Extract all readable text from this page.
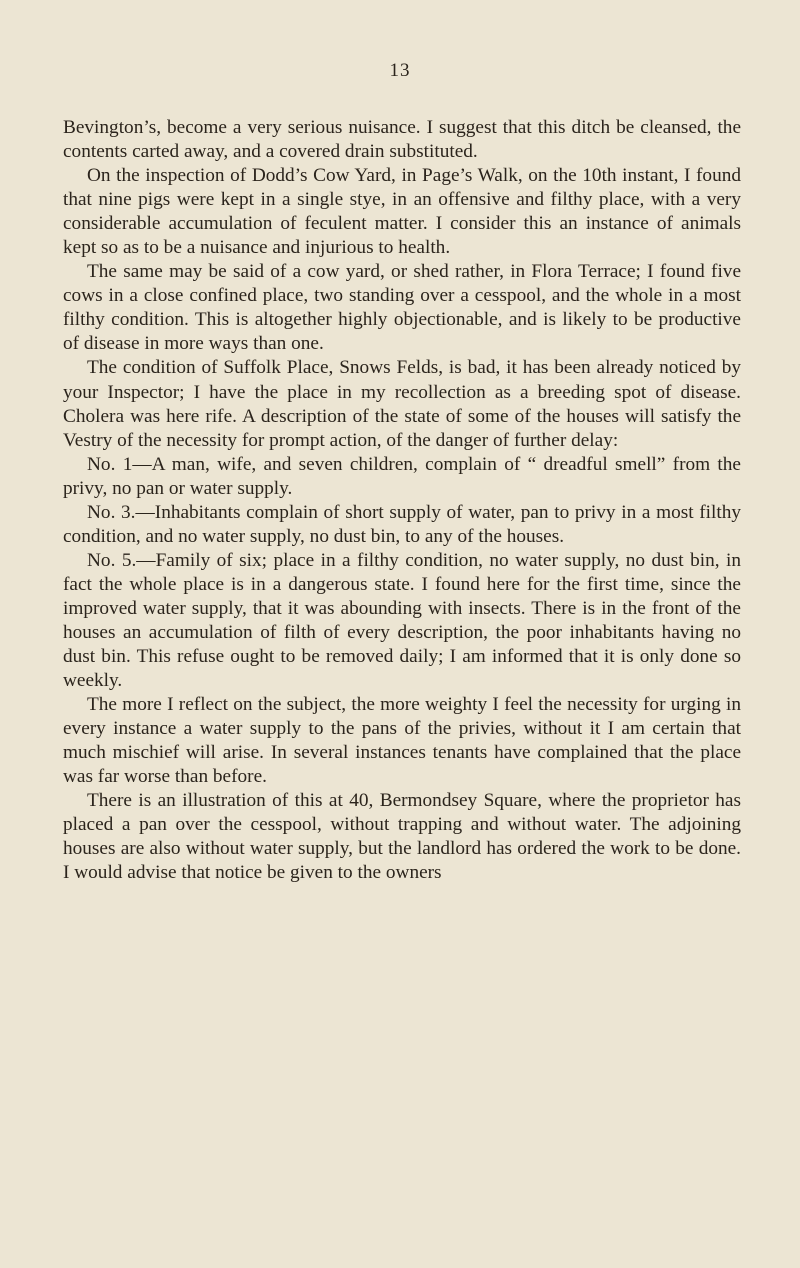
13

Bevington’s, become a very serious nuisance. I suggest that this ditch be cleansed, the contents carted away, and a covered drain substituted.

On the inspection of Dodd’s Cow Yard, in Page’s Walk, on the 10th instant, I found that nine pigs were kept in a single stye, in an offensive and filthy place, with a very considerable accumulation of feculent matter. I consider this an instance of animals kept so as to be a nuisance and injurious to health.

The same may be said of a cow yard, or shed rather, in Flora Terrace; I found five cows in a close confined place, two standing over a cesspool, and the whole in a most filthy condition. This is altogether highly objectionable, and is likely to be productive of disease in more ways than one.

The condition of Suffolk Place, Snows Felds, is bad, it has been already noticed by your Inspector; I have the place in my recollection as a breeding spot of disease. Cholera was here rife. A description of the state of some of the houses will satisfy the Vestry of the necessity for prompt action, of the danger of further delay:

No. 1—A man, wife, and seven children, complain of “ dreadful smell” from the privy, no pan or water supply.

No. 3.—Inhabitants complain of short supply of water, pan to privy in a most filthy condition, and no water supply, no dust bin, to any of the houses.

No. 5.—Family of six; place in a filthy condition, no water supply, no dust bin, in fact the whole place is in a dangerous state. I found here for the first time, since the improved water supply, that it was abounding with insects. There is in the front of the houses an accumulation of filth of every description, the poor inhabitants having no dust bin. This refuse ought to be removed daily; I am informed that it is only done so weekly.

The more I reflect on the subject, the more weighty I feel the necessity for urging in every instance a water supply to the pans of the privies, without it I am certain that much mischief will arise. In several instances tenants have complained that the place was far worse than before.

There is an illustration of this at 40, Bermondsey Square, where the proprietor has placed a pan over the cesspool, without trapping and without water. The adjoining houses are also without water supply, but the landlord has ordered the work to be done. I would advise that notice be given to the owners
